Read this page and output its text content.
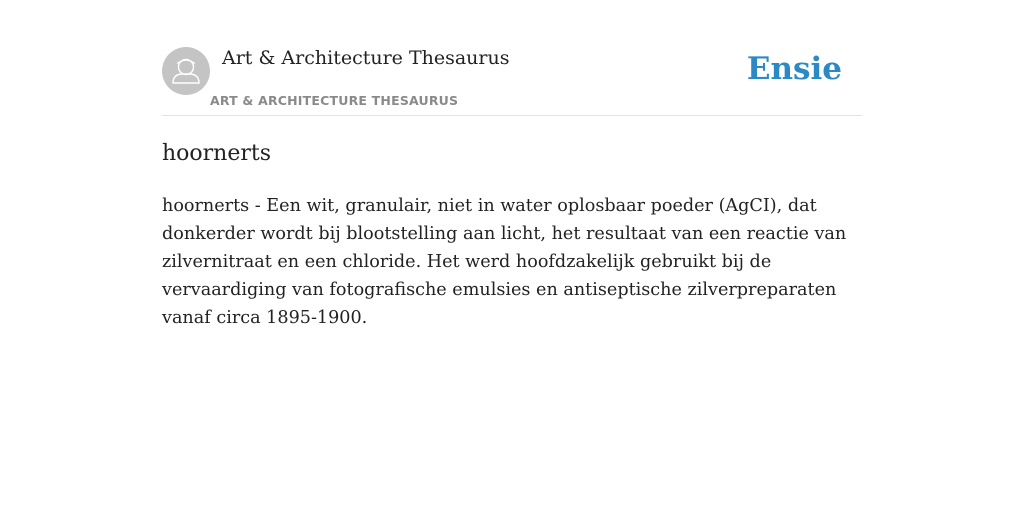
Art & Architecture Thesaurus
ART & ARCHITECTURE THESAURUS
Ensie
hoornerts

hoornerts - Een wit, granulair, niet in water oplosbaar poeder (AgCI), dat donkerder wordt bij blootstelling aan licht, het resultaat van een reactie van zilvernitraat en een chloride. Het werd hoofdzakelijk gebruikt bij de vervaardiging van fotografische emulsies en antiseptische zilverpreparaten vanaf circa 1895-1900.
